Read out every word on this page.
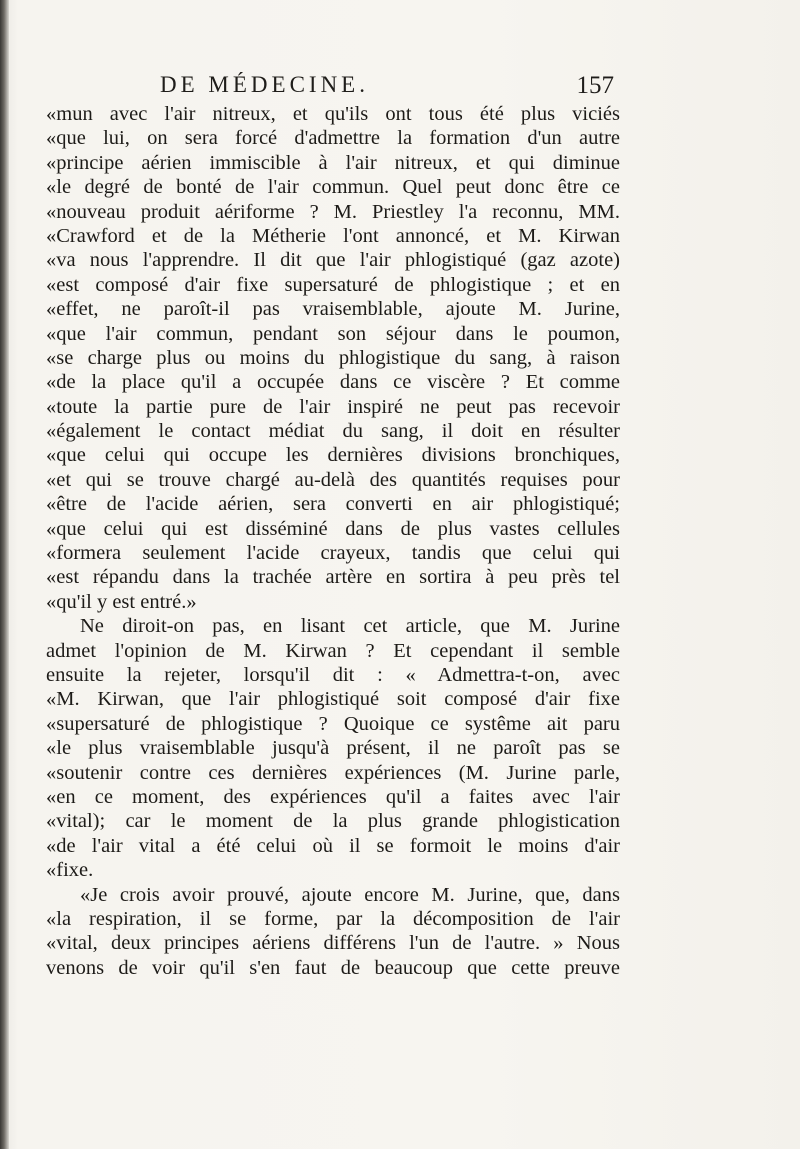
DE MÉDECINE.	157
«mun avec l'air nitreux, et qu'ils ont tous été plus viciés
«que lui, on sera forcé d'admettre la formation d'un autre
«principe aérien immiscible à l'air nitreux, et qui diminue
«le degré de bonté de l'air commun. Quel peut donc être ce
«nouveau produit aériforme ? M. Priestley l'a reconnu, MM.
«Crawford et de la Métherie l'ont annoncé, et M. Kirwan
«va nous l'apprendre. Il dit que l'air phlogistiqué (gaz azote)
«est composé d'air fixe supersaturé de phlogistique ; et en
«effet, ne paroît-il pas vraisemblable, ajoute M. Jurine,
«que l'air commun, pendant son séjour dans le poumon,
«se charge plus ou moins du phlogistique du sang, à raison
«de la place qu'il a occupée dans ce viscère ? Et comme
«toute la partie pure de l'air inspiré ne peut pas recevoir
«également le contact médiat du sang, il doit en résulter
«que celui qui occupe les dernières divisions bronchiques,
«et qui se trouve chargé au-delà des quantités requises pour
«être de l'acide aérien, sera converti en air phlogistiqué;
«que celui qui est disséminé dans de plus vastes cellules
«formera seulement l'acide crayeux, tandis que celui qui
«est répandu dans la trachée artère en sortira à peu près tel
«qu'il y est entré.»
Ne diroit-on pas, en lisant cet article, que M. Jurine
admet l'opinion de M. Kirwan ? Et cependant il semble
ensuite la rejeter, lorsqu'il dit : « Admettra-t-on, avec
«M. Kirwan, que l'air phlogistiqué soit composé d'air fixe
«supersaturé de phlogistique ? Quoique ce systême ait paru
«le plus vraisemblable jusqu'à présent, il ne paroît pas se
«soutenir contre ces dernières expériences (M. Jurine parle,
«en ce moment, des expériences qu'il a faites avec l'air
«vital); car le moment de la plus grande phlogistication
«de l'air vital a été celui où il se formoit le moins d'air
«fixe.
«Je crois avoir prouvé, ajoute encore M. Jurine, que, dans
«la respiration, il se forme, par la décomposition de l'air
«vital, deux principes aériens différens l'un de l'autre. » Nous
venons de voir qu'il s'en faut de beaucoup que cette preuve
